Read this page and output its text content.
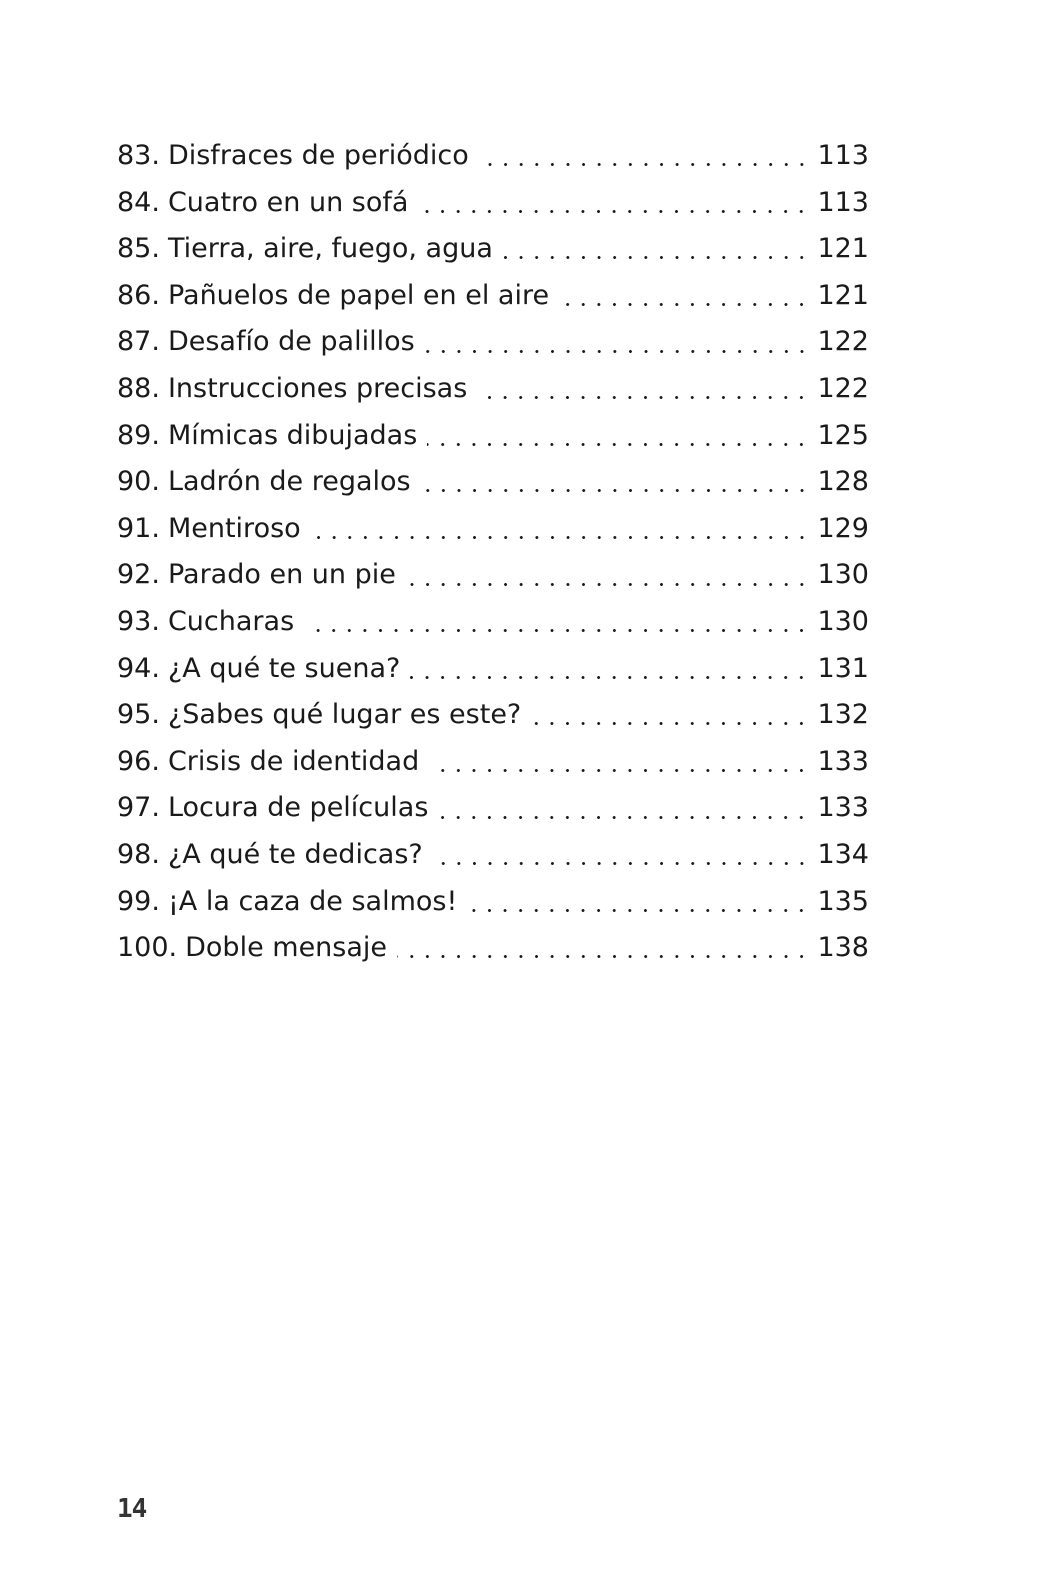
83. Disfraces de periódico	113
84. Cuatro en un sofá	113
85. Tierra, aire, fuego, agua	121
86. Pañuelos de papel en el aire	121
87. Desafío de palillos	122
88. Instrucciones precisas	122
89. Mímicas dibujadas	125
90. Ladrón de regalos	128
91. Mentiroso	129
92. Parado en un pie	130
93. Cucharas	130
94. ¿A qué te suena?	131
95. ¿Sabes qué lugar es este?	132
96. Crisis de identidad	133
97. Locura de películas	133
98. ¿A qué te dedicas?	134
99. ¡A la caza de salmos!	135
100. Doble mensaje	138
14
